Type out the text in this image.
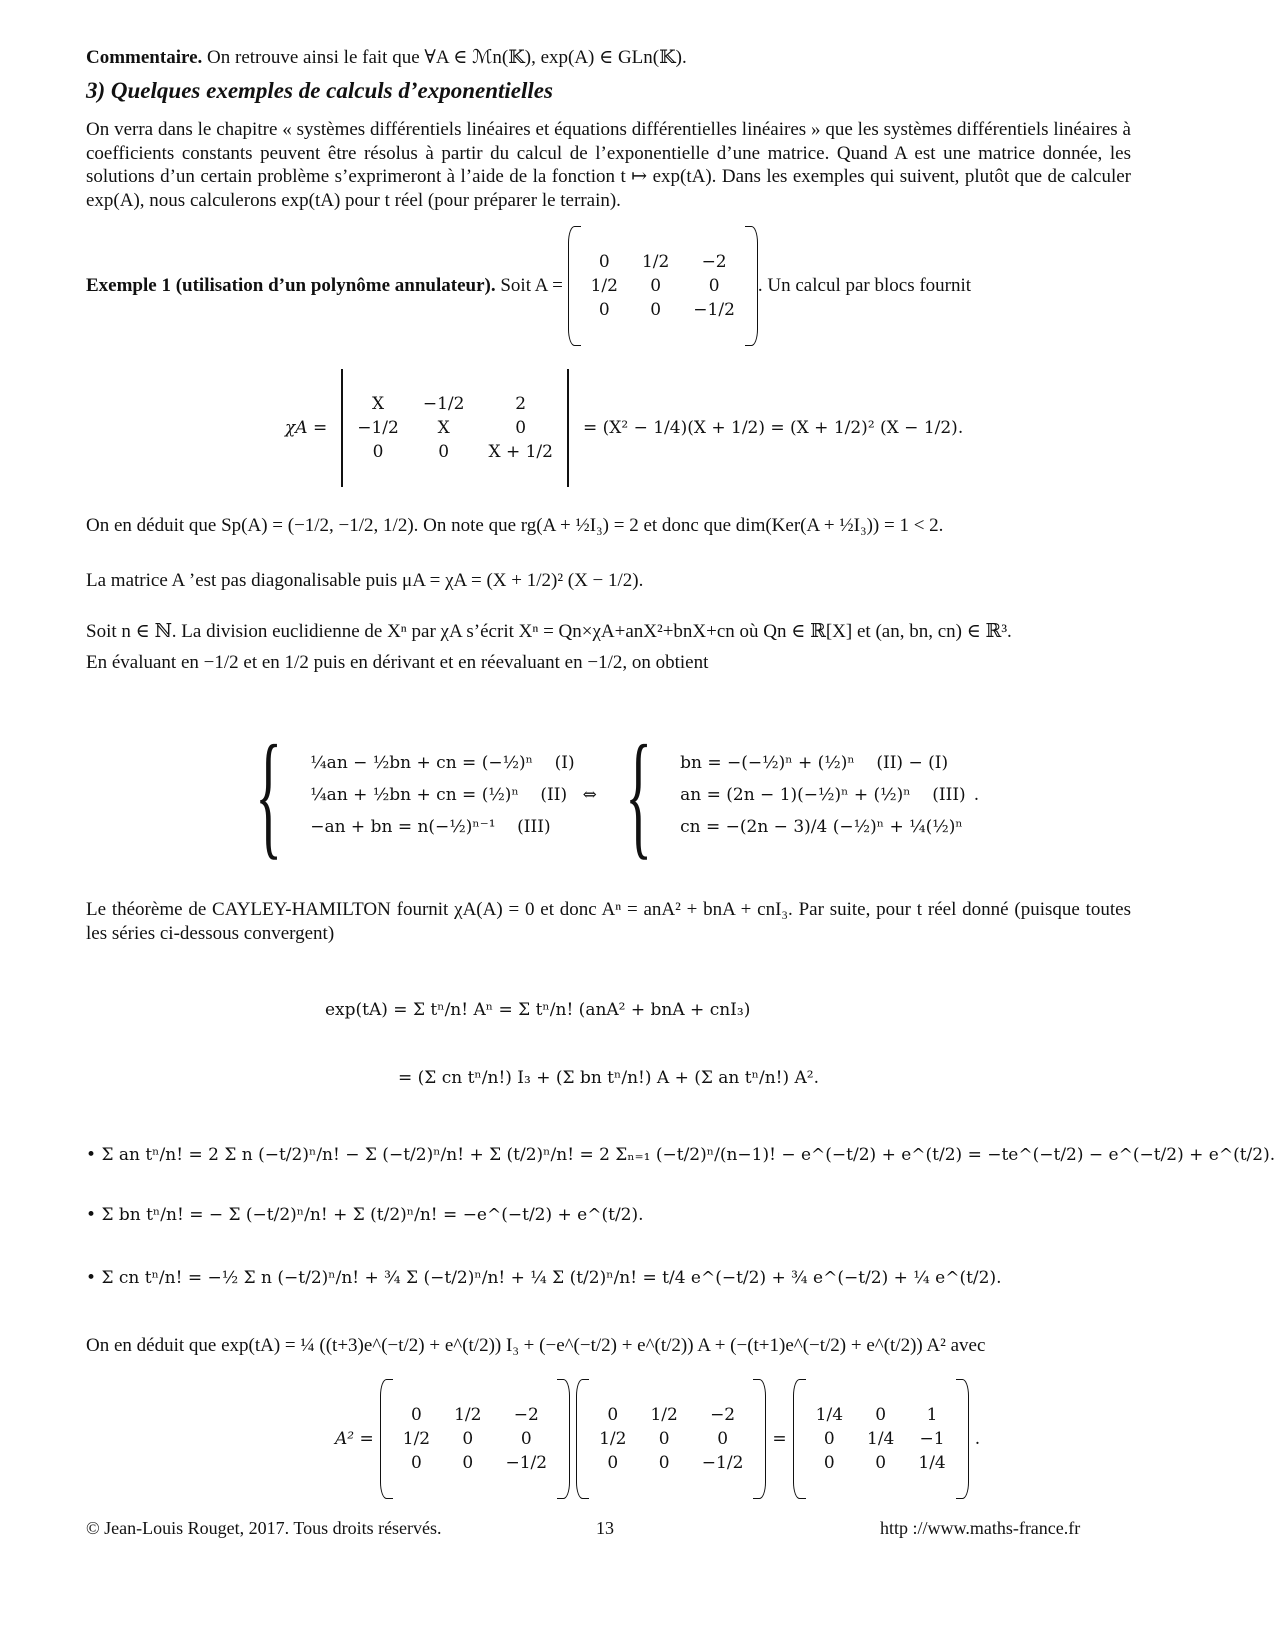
Commentaire. On retrouve ainsi le fait que ∀A ∈ ℳn(𝕂), exp(A) ∈ GLn(𝕂).
3) Quelques exemples de calculs d’exponentielles
On verra dans le chapitre « systèmes différentiels linéaires et équations différentielles linéaires » que les systèmes différentiels linéaires à coefficients constants peuvent être résolus à partir du calcul de l’exponentielle d’une matrice. Quand A est une matrice donnée, les solutions d’un certain problème s’exprimeront à l’aide de la fonction t ↦ exp(tA). Dans les exemples qui suivent, plutôt que de calculer exp(A), nous calculerons exp(tA) pour t réel (pour préparer le terrain).
Exemple 1 (utilisation d’un polynôme annulateur).
Soit A =

0 1/2 −2
1/2 0	0
0 0 −1/2
. Un calcul par blocs fournit
χA =
X −1/2	2
−1/2 X	0
0	0 X + 1/2
= (X² − 1/4)(X + 1/2) = (X + 1/2)² (X − 1/2).
On en déduit que Sp(A) = (−1/2, −1/2, 1/2). On note que rg(A + ½I₃) = 2 et donc que dim(Ker(A + ½I₃)) = 1 < 2.
La matrice A ’est pas diagonalisable puis μA = χA = (X + 1/2)² (X − 1/2).
Soit n ∈ ℕ. La division euclidienne de Xⁿ par χA s’écrit Xⁿ = Qn×χA+anX²+bnX+cn où Qn ∈ ℝ[X] et (an, bn, cn) ∈ ℝ³.
En évaluant en −1/2 et en 1/2 puis en dérivant et en réevaluant en −1/2, on obtient
{ ¼an − ½bn + cn = (−½)ⁿ (I)
¼an + ½bn + cn = (½)ⁿ (II)
−an + bn = n(−½)ⁿ⁻¹ (III)
⇔ { bn = −(−½)ⁿ + (½)ⁿ (II) − (I)
an = (2n − 1)(−½)ⁿ + (½)ⁿ (III)
cn = −(2n − 3)/4 (−½)ⁿ + ¼(½)ⁿ
.
Le théorème de CAYLEY-HAMILTON fournit χA(A) = 0 et donc Aⁿ = anA² + bnA + cnI₃. Par suite, pour t réel donné (puisque toutes les séries ci-dessous convergent)
exp(tA) = Σ tⁿ/n! Aⁿ = Σ tⁿ/n! (anA² + bnA + cnI₃)
= (Σ cn tⁿ/n!) I₃ + (Σ bn tⁿ/n!) A + (Σ an tⁿ/n!) A².
• Σ an tⁿ/n! = 2 Σ n (−t/2)ⁿ/n! − Σ (−t/2)ⁿ/n! + Σ (t/2)ⁿ/n! = 2 Σₙ₌₁ (−t/2)ⁿ/(n−1)! − e^(−t/2) + e^(t/2) = −te^(−t/2) − e^(−t/2) + e^(t/2).
• Σ bn tⁿ/n! = − Σ (−t/2)ⁿ/n! + Σ (t/2)ⁿ/n! = −e^(−t/2) + e^(t/2).
• Σ cn tⁿ/n! = −½ Σ n (−t/2)ⁿ/n! + ¾ Σ (−t/2)ⁿ/n! + ¼ Σ (t/2)ⁿ/n! = t/4 e^(−t/2) + ¾ e^(−t/2) + ¼ e^(t/2).
On en déduit que exp(tA) = ¼ ((t+3)e^(−t/2) + e^(t/2)) I₃ + (−e^(−t/2) + e^(t/2)) A + (−(t+1)e^(−t/2) + e^(t/2)) A² avec
A² =
0 1/2 −2
1/2 0	0
0 0 −1/2
0 1/2 −2
1/2 0	0
0 0 −1/2
=
1/4 0 1
0 1/4 −1
0 0 1/4
.
© Jean-Louis Rouget, 2017. Tous droits réservés.	13	http ://www.maths-france.fr
